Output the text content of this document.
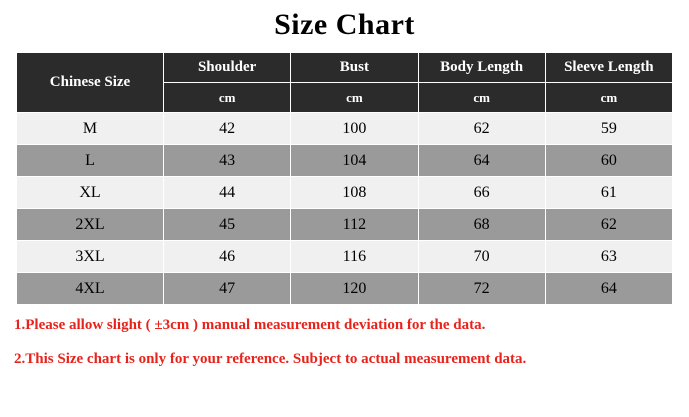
Size Chart
Chinese Size	Shoulder	Bust	Body Length	Sleeve Length
	cm	cm	cm	cm
M	42	100	62	59
L	43	104	64	60
XL	44	108	66	61
2XL	45	112	68	62
3XL	46	116	70	63
4XL	47	120	72	64
1.Please allow slight ( ±3cm ) manual measurement deviation for the data.
2.This Size chart is only for your reference. Subject to actual measurement data.
